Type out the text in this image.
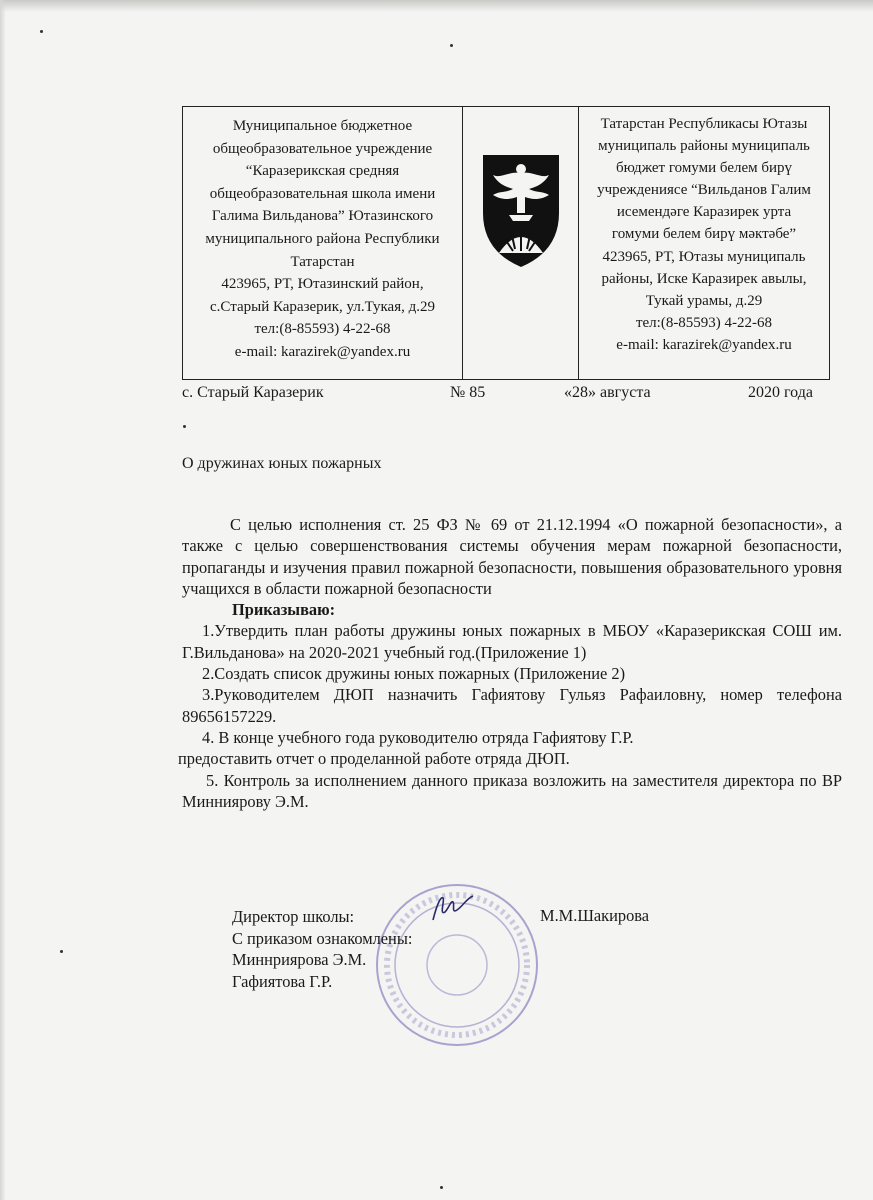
Муниципальное бюджетное
общеобразовательное учреждение
“Каразерикская средняя
общеобразовательная школа имени
Галима Вильданова” Ютазинского
муниципального района Республики
Татарстан
423965, РТ, Ютазинский район,
с.Старый Каразерик, ул.Тукая, д.29
тел:(8-85593) 4-22-68
e-mail: karazirek@yandex.ru
Татарстан Республикасы Ютазы
муниципаль районы муниципаль
бюджет гомуми белем бирү
учреждениясе “Вильданов Галим
исемендәге Каразирек урта
гомуми белем бирү мәктәбе”
423965, РТ, Ютазы муниципаль
районы, Иске Каразирек авылы,
Тукай урамы, д.29
тел:(8-85593) 4-22-68
e-mail: karazirek@yandex.ru
с. Старый Каразерик	№ 85	«28» августа	2020 года
О дружинах юных пожарных

С целью исполнения ст. 25 ФЗ № 69 от 21.12.1994 «О пожарной безопасности», а также с целью совершенствования системы обучения мерам пожарной безопасности, пропаганды и изучения правил пожарной безопасности, повышения образовательного уровня учащихся в области пожарной безопасности

Приказываю:

1.Утвердить план работы дружины юных пожарных в МБОУ «Каразерикская СОШ им. Г.Вильданова» на 2020-2021 учебный год.(Приложение 1)

2.Создать список дружины юных пожарных (Приложение 2)

3.Руководителем ДЮП назначить Гафиятову Гульяз Рафаиловну, номер телефона 89656157229.

4. В конце учебного года руководителю отряда Гафиятову Г.Р.

предоставить отчет о проделанной работе отряда ДЮП.

5. Контроль за исполнением данного приказа возложить на заместителя директора по ВР Минниярову Э.М.

Директор школы:
С приказом ознакомлены:
Миннриярова Э.М.
Гафиятова Г.Р.
М.М.Шакирова
